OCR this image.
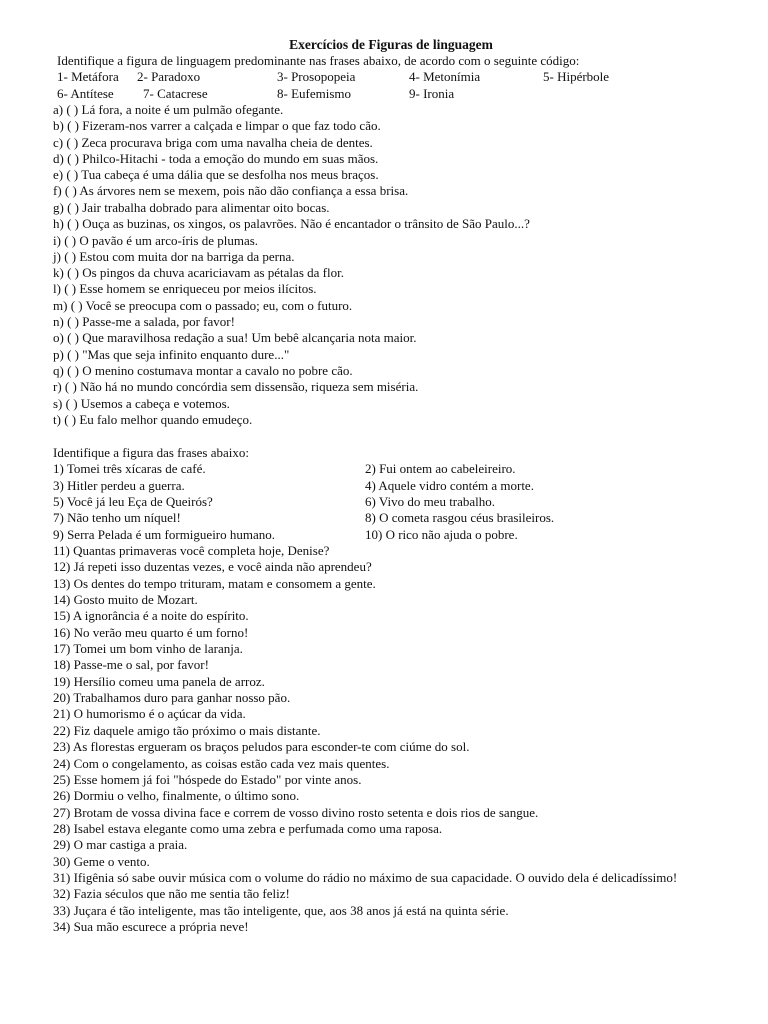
Exercícios de Figuras de linguagem
Identifique a figura de linguagem predominante nas frases abaixo, de acordo com o seguinte código:
1- Metáfora 2- Paradoxo	3- Prosopopeia	4- Metonímia	5- Hipérbole
6- Antítese 7- Catacrese	8- Eufemismo	9- Ironia
a) ( ) Lá fora, a noite é um pulmão ofegante.
b) ( ) Fizeram-nos varrer a calçada e limpar o que faz todo cão.
c) ( ) Zeca procurava briga com uma navalha cheia de dentes.
d) ( ) Philco-Hitachi - toda a emoção do mundo em suas mãos.
e) ( ) Tua cabeça é uma dália que se desfolha nos meus braços.
f) ( ) As árvores nem se mexem, pois não dão confiança a essa brisa.
g) ( ) Jair trabalha dobrado para alimentar oito bocas.
h) ( ) Ouça as buzinas, os xingos, os palavrões. Não é encantador o trânsito de São Paulo...?
i) ( ) O pavão é um arco-íris de plumas.
j) ( ) Estou com muita dor na barriga da perna.
k) ( ) Os pingos da chuva acariciavam as pétalas da flor.
l) ( ) Esse homem se enriqueceu por meios ilícitos.
m) ( ) Você se preocupa com o passado; eu, com o futuro.
n) ( ) Passe-me a salada, por favor!
o) ( ) Que maravilhosa redação a sua! Um bebê alcançaria nota maior.
p) ( ) "Mas que seja infinito enquanto dure..."
q) ( ) O menino costumava montar a cavalo no pobre cão.
r) ( ) Não há no mundo concórdia sem dissensão, riqueza sem miséria.
s) ( ) Usemos a cabeça e votemos.
t) ( ) Eu falo melhor quando emudeço.
Identifique a figura das frases abaixo:
1) Tomei três xícaras de café.	2) Fui ontem ao cabeleireiro.
3) Hitler perdeu a guerra.	4) Aquele vidro contém a morte.
5) Você já leu Eça de Queirós?	6) Vivo do meu trabalho.
7) Não tenho um níquel!	8) O cometa rasgou céus brasileiros.
9) Serra Pelada é um formigueiro humano.	10) O rico não ajuda o pobre.
11) Quantas primaveras você completa hoje, Denise?
12) Já repeti isso duzentas vezes, e você ainda não aprendeu?
13) Os dentes do tempo trituram, matam e consomem a gente.
14) Gosto muito de Mozart.
15) A ignorância é a noite do espírito.
16) No verão meu quarto é um forno!
17) Tomei um bom vinho de laranja.
18) Passe-me o sal, por favor!
19) Hersílio comeu uma panela de arroz.
20) Trabalhamos duro para ganhar nosso pão.
21) O humorismo é o açúcar da vida.
22) Fiz daquele amigo tão próximo o mais distante.
23) As florestas ergueram os braços peludos para esconder-te com ciúme do sol.
24) Com o congelamento, as coisas estão cada vez mais quentes.
25) Esse homem já foi "hóspede do Estado" por vinte anos.
26) Dormiu o velho, finalmente, o último sono.
27) Brotam de vossa divina face e correm de vosso divino rosto setenta e dois rios de sangue.
28) Isabel estava elegante como uma zebra e perfumada como uma raposa.
29) O mar castiga a praia.
30) Geme o vento.
31) Ifigênia só sabe ouvir música com o volume do rádio no máximo de sua capacidade. O ouvido dela é delicadíssimo!
32) Fazia séculos que não me sentia tão feliz!
33) Juçara é tão inteligente, mas tão inteligente, que, aos 38 anos já está na quinta série.
34) Sua mão escurece a própria neve!
